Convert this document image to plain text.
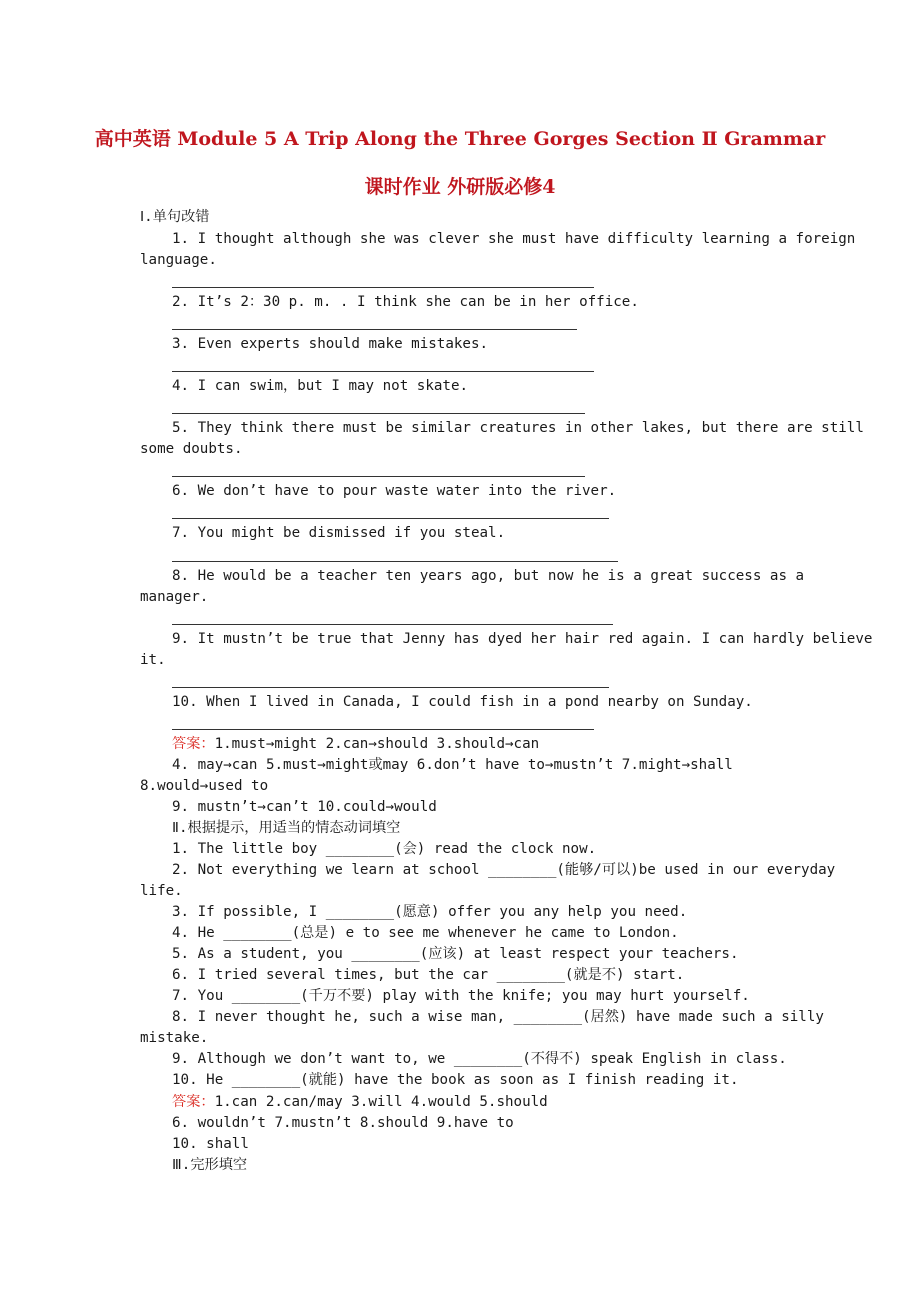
高中英语 Module 5 A Trip Along the Three Gorges Section Ⅱ Grammar
课时作业 外研版必修4
Ⅰ.单句改错
1. I thought although she was clever she must have difficulty learning a foreign
language.
2. It’s 2：30 p. m. . I think she can be in her office.
3. Even experts should make mistakes.
4. I can swim，but I may not skate.
5. They think there must be similar creatures in other lakes, but there are still
some doubts.
6. We don’t have to pour waste water into the river.
7. You might be dismissed if you steal.
8. He would be a teacher ten years ago, but now he is a great success as a
manager.
9. It mustn’t be true that Jenny has dyed her hair red again. I can hardly believe
it.
10. When I lived in Canada, I could fish in a pond nearby on Sunday.
答案：1.must→might 2.can→should 3.should→can
4. may→can 5.must→might或may 6.don’t have to→mustn’t 7.might→shall
8.would→used to
9. mustn’t→can’t 10.could→would
Ⅱ.根据提示，用适当的情态动词填空
1. The little boy ________(会) read the clock now.
2. Not everything we learn at school ________(能够/可以)be used in our everyday
life.
3. If possible, I ________(愿意) offer you any help you need.
4. He ________(总是) e to see me whenever he came to London.
5. As a student, you ________(应该) at least respect your teachers.
6. I tried several times, but the car ________(就是不) start.
7. You ________(千万不要) play with the knife; you may hurt yourself.
8. I never thought he, such a wise man, ________(居然) have made such a silly
mistake.
9. Although we don’t want to, we ________(不得不) speak English in class.
10. He ________(就能) have the book as soon as I finish reading it.
答案：1.can 2.can/may 3.will 4.would 5.should
6. wouldn’t 7.mustn’t 8.should 9.have to
10. shall
Ⅲ.完形填空
